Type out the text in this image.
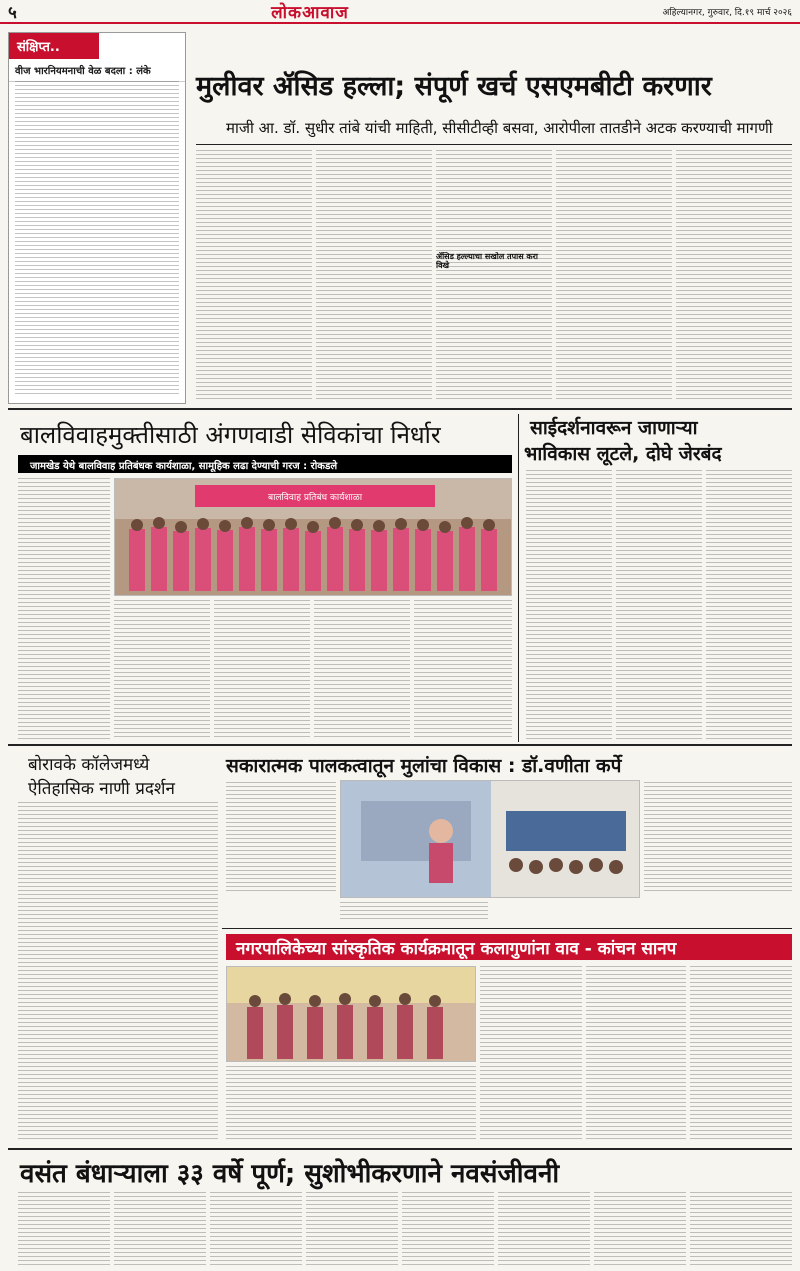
५	लोकआवाज	अहिल्यानगर, गुरुवार, दि.१९ मार्च २०२६
संक्षिप्त..
वीज भारनियमनाची वेळ बदला : लंके	मुलीवर ॲसिड हल्ला; संपूर्ण खर्च एसएमबीटी करणार
माजी आ. डॉ. सुधीर तांबे यांची माहिती, सीसीटीव्ही बसवा, आरोपीला तातडीने अटक करण्याची मागणी
ॲसिड हल्ल्याचा सखोल तपास करा विखे
बालविवाहमुक्तीसाठी अंगणवाडी सेविकांचा निर्धार
जामखेड येथे बालविवाह प्रतिबंधक कार्यशाळा, सामूहिक लढा देण्याची गरज : रोकडले
बालविवाह प्रतिबंध कार्यशाळा
साईदर्शनावरून जाणाऱ्या
भाविकास लूटले, दोघे जेरबंद
बोरावके कॉलेजमध्ये
ऐतिहासिक नाणी प्रदर्शन
सकारात्मक पालकत्वातून मुलांचा विकास : डॉ.वणीता कर्पे
नगरपालिकेच्या सांस्कृतिक कार्यक्रमातून कलागुणांना वाव - कांचन सानप
वसंत बंधाऱ्याला ३३ वर्षे पूर्ण; सुशोभीकरणाने नवसंजीवनी
